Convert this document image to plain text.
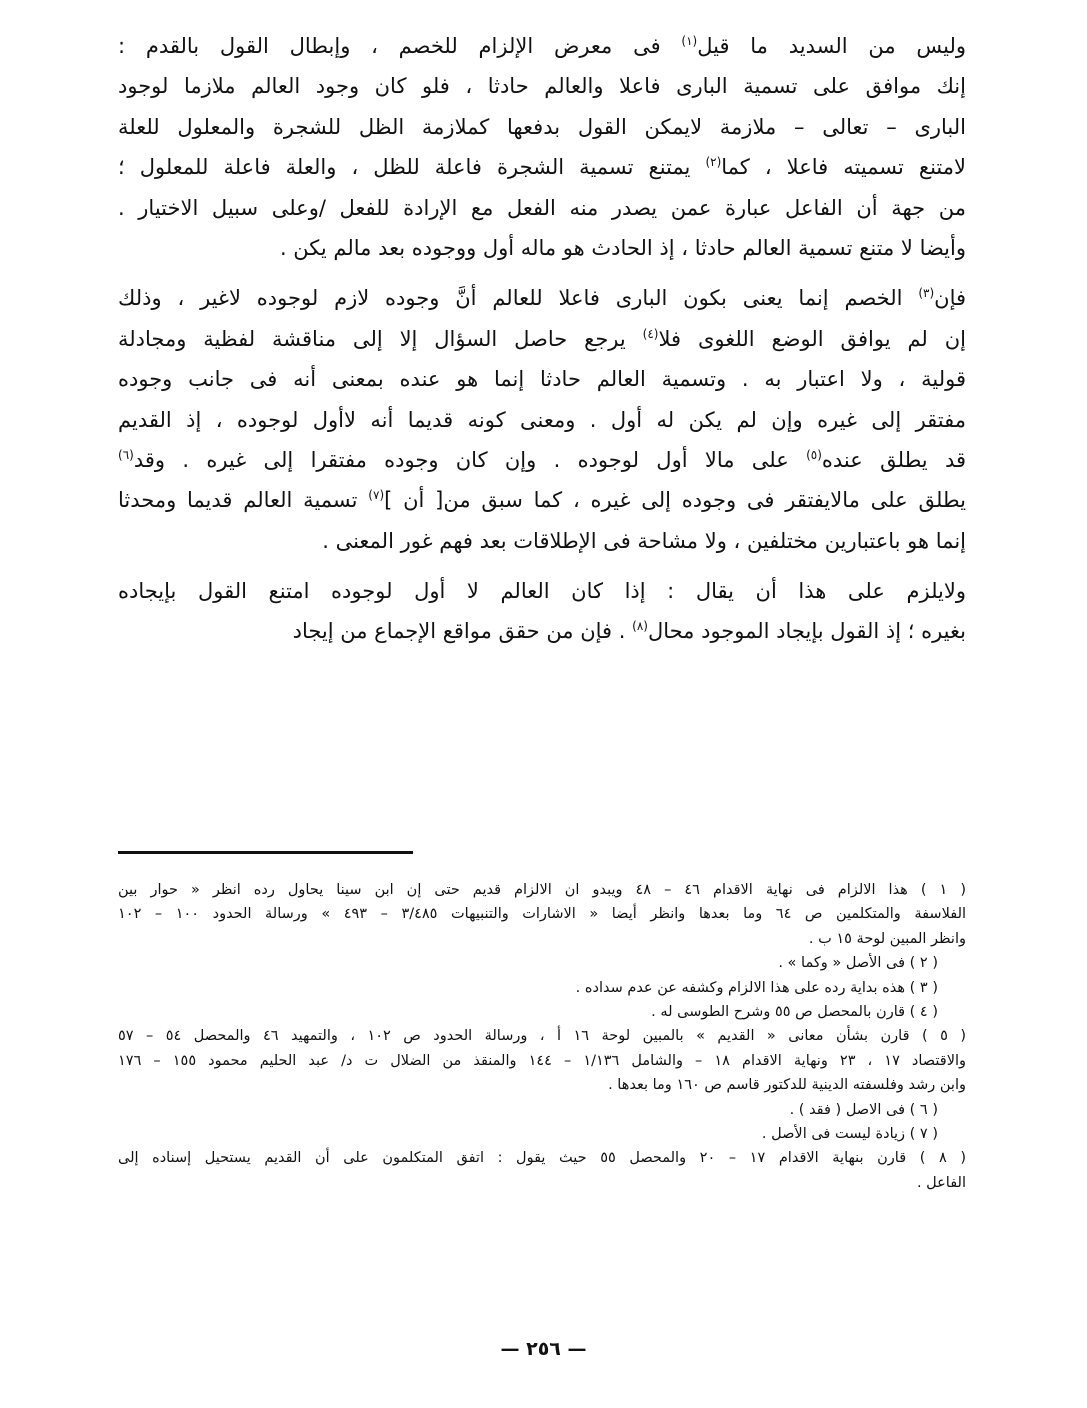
وليس من السديد ما قيل$^{(١)}$ فى معرض الإلزام للخصم ، وإبطال القول بالقدم :
إنك موافق على تسمية البارى فاعلا والعالم حادثا ، فلو كان وجود العالم ملازما لوجود
البارى – تعالى – ملازمة لايمكن القول بدفعها كملازمة الظل للشجرة والمعلول للعلة
لامتنع تسميته فاعلا ، كما$^{(٢)}$ يمتنع تسمية الشجرة فاعلة للظل ، والعلة فاعلة للمعلول ؛
من جهة أن الفاعل عبارة عمن يصدر منه الفعل مع الإرادة للفعل /وعلى سبيل الاختيار .
وأيضا لا متنع تسمية العالم حادثا ، إذ الحادث هو ماله أول ووجوده بعد مالم يكن .
فإن$^{(٣)}$ الخصم إنما يعنى بكون البارى فاعلا للعالم أنَّ وجوده لازم لوجوده لاغير ، وذلك
إن لم يوافق الوضع اللغوى فلا$^{(٤)}$ يرجع حاصل السؤال إلا إلى مناقشة لفظية ومجادلة
قولية ، ولا اعتبار به . وتسمية العالم حادثا إنما هو عنده بمعنى أنه فى جانب وجوده
مفتقر إلى غيره وإن لم يكن له أول . ومعنى كونه قديما أنه لاأول لوجوده ، إذ القديم
قد يطلق عنده$^{(٥)}$ على مالا أول لوجوده . وإن كان وجوده مفتقرا إلى غيره . وقد$^{(٦)}$
يطلق على مالايفتقر فى وجوده إلى غيره ، كما سبق من[ أن ]$^{(٧)}$ تسمية العالم قديما ومحدثا
إنما هو باعتبارين مختلفين ، ولا مشاحة فى الإطلاقات بعد فهم غور المعنى .
ولايلزم على هذا أن يقال : إذا كان العالم لا أول لوجوده امتنع القول بإيجاده
بغيره ؛ إذ القول بإيجاد الموجود محال$^{(٨)}$ . فإن من حقق مواقع الإجماع من إيجاد
( ١ ) هذا الالزام فى نهاية الاقدام ٤٦ – ٤٨ ويبدو ان الالزام قديم حتى إن ابن سينا يحاول رده انظر « حوار بين
الفلاسفة والمتكلمين ص ٦٤ وما بعدها وانظر أيضا « الاشارات والتنبيهات ٣/٤٨٥ – ٤٩٣ » ورسالة الحدود ١٠٠ – ١٠٢
وانظر المبين لوحة ١٥ ب .
( ٢ ) فى الأصل « وكما » .
( ٣ ) هذه بداية رده على هذا الالزام وكشفه عن عدم سداده .
( ٤ ) قارن بالمحصل ص ٥٥ وشرح الطوسى له .
( ٥ ) قارن بشأن معانى « القديم » بالمبين لوحة ١٦ أ ، ورسالة الحدود ص ١٠٢ ، والتمهيد ٤٦ والمحصل ٥٤ – ٥٧
والاقتصاد ١٧ ، ٢٣ ونهاية الاقدام ١٨ – والشامل ١/١٣٦ – ١٤٤ والمنقذ من الضلال ت د/ عبد الحليم محمود ١٥٥ – ١٧٦
وابن رشد وفلسفته الدينية للدكتور قاسم ص ١٦٠ وما بعدها .
( ٦ ) فى الاصل ( فقد ) .
( ٧ ) زيادة ليست فى الأصل .
( ٨ ) قارن بنهاية الاقدام ١٧ – ٢٠ والمحصل ٥٥ حيث يقول : اتفق المتكلمون على أن القديم يستحيل إسناده إلى
الفاعل .
— ٢٥٦ —
